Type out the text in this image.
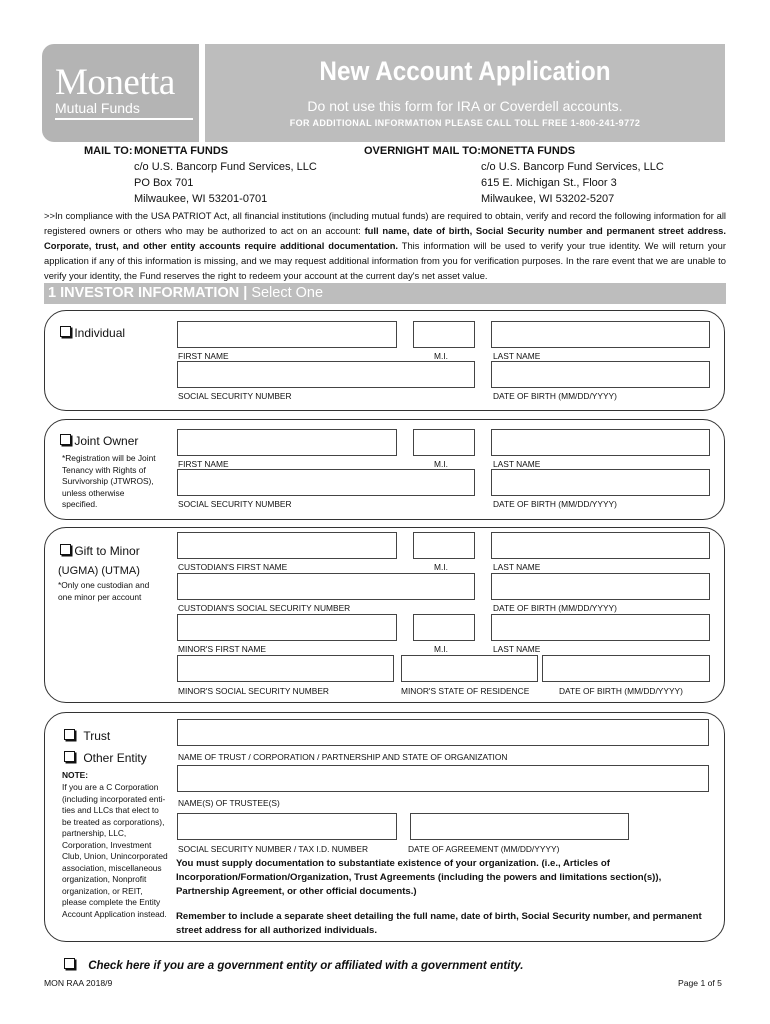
Monetta
Mutual Funds
New Account Application
Do not use this form for IRA or Coverdell accounts.
FOR ADDITIONAL INFORMATION PLEASE CALL TOLL FREE 1-800-241-9772
MAIL TO: MONETTA FUNDS
c/o U.S. Bancorp Fund Services, LLC
PO Box 701
Milwaukee, WI 53201-0701
OVERNIGHT MAIL TO: MONETTA FUNDS
c/o U.S. Bancorp Fund Services, LLC
615 E. Michigan St., Floor 3
Milwaukee, WI 53202-5207
>>In compliance with the USA PATRIOT Act, all financial institutions (including mutual funds) are required to obtain, verify and record the following information for all registered owners or others who may be authorized to act on an account: full name, date of birth, Social Security number and permanent street address. Corporate, trust, and other entity accounts require additional documentation. This information will be used to verify your true identity. We will return your application if any of this information is missing, and we may request additional information from you for verification purposes. In the rare event that we are unable to verify your identity, the Fund reserves the right to redeem your account at the current day's net asset value.
1 INVESTOR INFORMATION | Select One
Individual
FIRST NAME	M.I.	LAST NAME
SOCIAL SECURITY NUMBER	DATE OF BIRTH (MM/DD/YYYY)
Joint Owner
*Registration will be Joint Tenancy with Rights of Survivorship (JTWROS), unless otherwise specified.
FIRST NAME	M.I.	LAST NAME
SOCIAL SECURITY NUMBER	DATE OF BIRTH (MM/DD/YYYY)
Gift to Minor
(UGMA) (UTMA)
*Only one custodian and one minor per account
CUSTODIAN'S FIRST NAME	M.I.	LAST NAME
CUSTODIAN'S SOCIAL SECURITY NUMBER	DATE OF BIRTH (MM/DD/YYYY)
MINOR'S FIRST NAME	M.I.	LAST NAME
MINOR'S SOCIAL SECURITY NUMBER	MINOR'S STATE OF RESIDENCE	DATE OF BIRTH (MM/DD/YYYY)
Trust
Other Entity
NOTE:
If you are a C Corporation (including incorporated enti- ties and LLCs that elect to be treated as corporations), partnership, LLC, Corporation, Investment Club, Union, Unincorporated association, miscellaneous organization, Nonprofit organization, or REIT, please complete the Entity Account Application instead.
NAME OF TRUST / CORPORATION / PARTNERSHIP AND STATE OF ORGANIZATION
NAME(S) OF TRUSTEE(S)
SOCIAL SECURITY NUMBER / TAX I.D. NUMBER	DATE OF AGREEMENT (MM/DD/YYYY)
You must supply documentation to substantiate existence of your organization. (i.e., Articles of Incorporation/Formation/Organization, Trust Agreements (including the powers and limitations section(s)), Partnership Agreement, or other official documents.)
Remember to include a separate sheet detailing the full name, date of birth, Social Security number, and permanent street address for all authorized individuals.
Check here if you are a government entity or affiliated with a government entity.
MON RAA 2018/9	Page 1 of 5
